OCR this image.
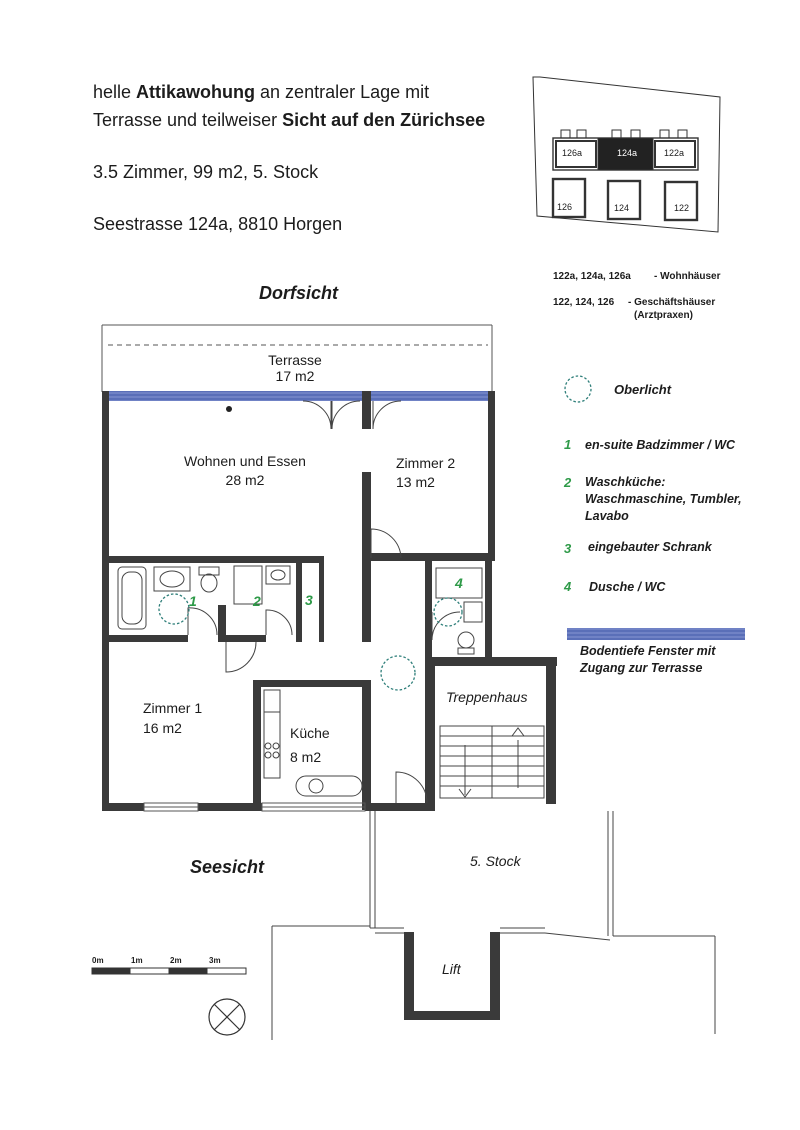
helle Attikawohung an zentraler Lage mit
Terrasse und teilweiser Sicht auf den Zürichsee
3.5 Zimmer, 99 m2, 5. Stock
Seestrasse 124a, 8810 Horgen
126a	124a	122a
126	124	122
122a, 124a, 126a - Wohnhäuser
122, 124, 126 - Geschäftshäuser
(Arztpraxen)
Dorfsicht
Seesicht
Terrasse
17 m2
Wohnen und Essen
28 m2
Zimmer 2
13 m2
Zimmer 1
16 m2	Küche
8 m2
Treppenhaus
5. Stock
Lift
1	2	3
4
Oberlicht
1 en-suite Badzimmer / WC
2 Waschküche:
Waschmaschine, Tumbler,
Lavabo
3 eingebauter Schrank
4 Dusche / WC
Bodentiefe Fenster mit
Zugang zur Terrasse
0m	1m	2m	3m
